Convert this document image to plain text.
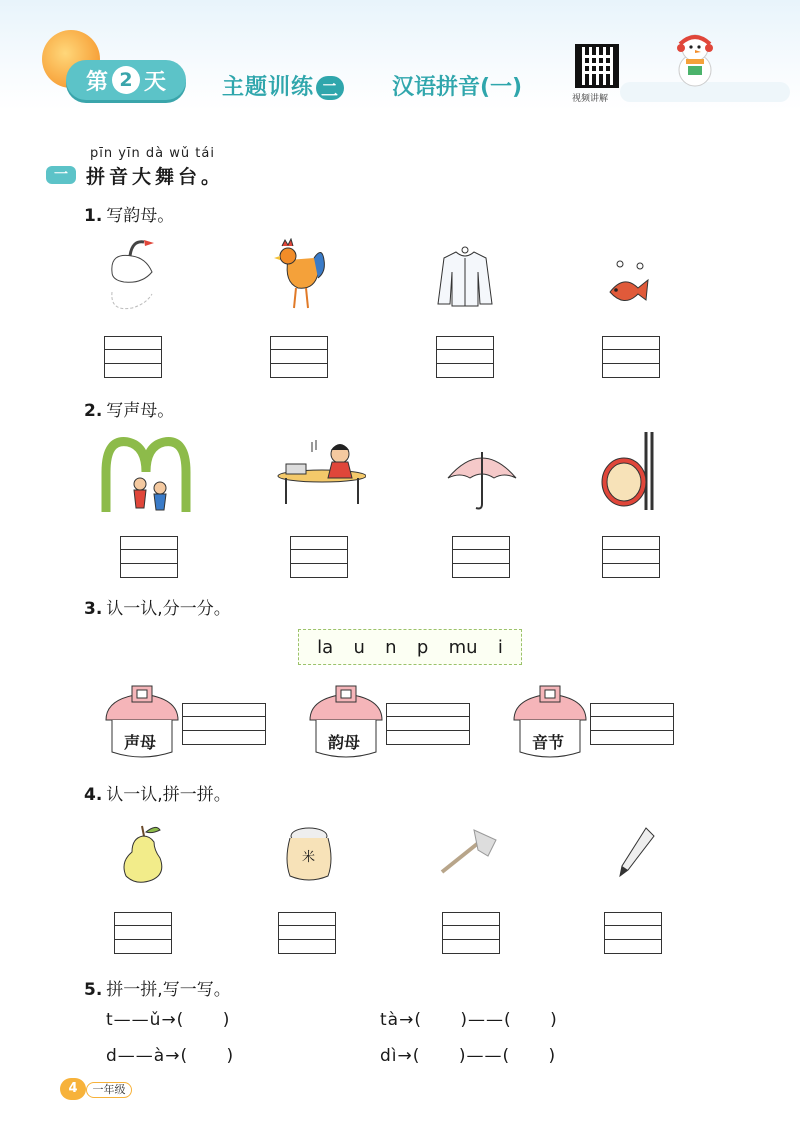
第 2 天	主题训练 二 汉语拼音(一)	视频讲解
pīn yīn dà wǔ tái
一 拼音大舞台。
1. 写韵母。
2. 写声母。
3. 认一认,分一分。
la u n p mu i
声母	韵母	音节
4. 认一认,拼一拼。
米
5. 拼一拼,写一写。
t——ǔ→(      )	tà→(      )——(      )
d——à→(      )	dì→(      )——(      )
4	一年级
